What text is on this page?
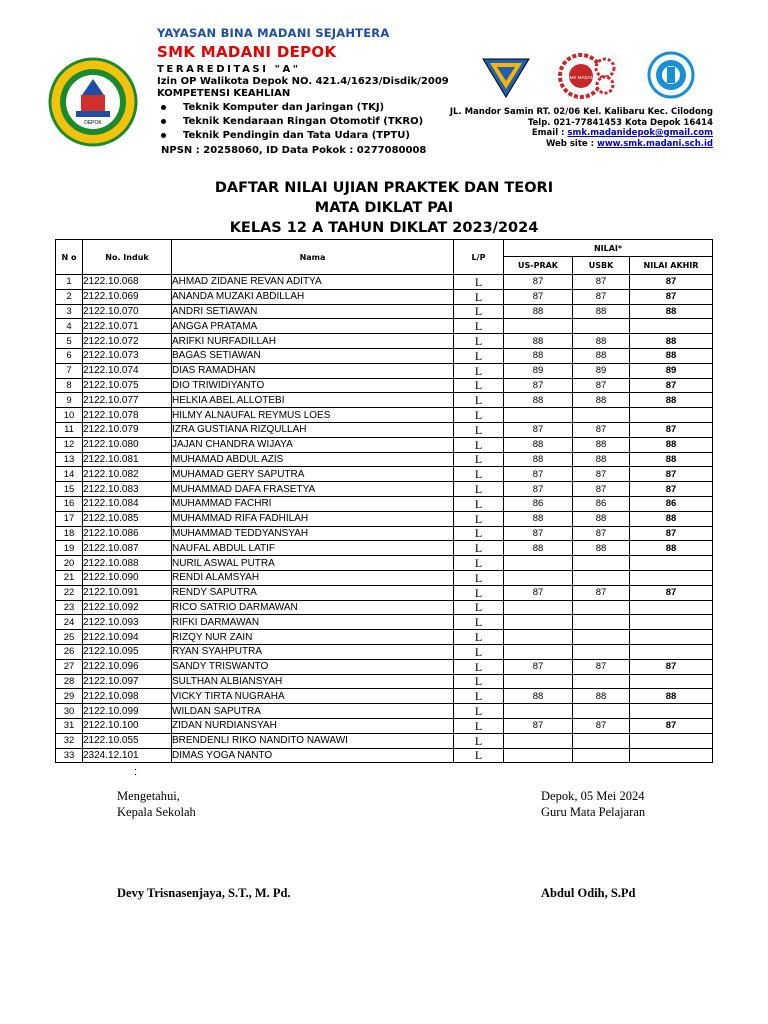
DEPOK
YAYASAN BINA MADANI SEJAHTERA
SMK MADANI DEPOK
TERAREDITASI "A"
Izin OP Walikota Depok NO. 421.4/1623/Disdik/2009
KOMPETENSI KEAHLIAN
Teknik Komputer dan Jaringan (TKJ)
Teknik Kendaraan Ringan Otomotif (TKRO)
Teknik Pendingin dan Tata Udara (TPTU)
NPSN : 20258060, ID Data Pokok : 0277080008
SMK MADANI
JL. Mandor Samin RT. 02/06 Kel. Kalibaru Kec. Cilodong
Telp. 021-77841453 Kota Depok 16414
Email : smk.madanidepok@gmail.com
Web site : www.smk.madani.sch.id
DAFTAR NILAI UJIAN PRAKTEK DAN TEORI
MATA DIKLAT PAI
KELAS 12 A TAHUN DIKLAT 2023/2024
N o	No. Induk	Nama	L/P	NILAI*		
				US-PRAK	USBK	NILAI AKHIR
1	2122.10.068	AHMAD ZIDANE REVAN ADITYA	L	87	87	87
2	2122.10.069	ANANDA MUZAKI ABDILLAH	L	87	87	87
3	2122.10.070	ANDRI SETIAWAN	L	88	88	88
4	2122.10.071	ANGGA PRATAMA	L			
5	2122.10.072	ARIFKI NURFADILLAH	L	88	88	88
6	2122.10.073	BAGAS SETIAWAN	L	88	88	88
7	2122.10.074	DIAS RAMADHAN	L	89	89	89
8	2122.10.075	DIO TRIWIDIYANTO	L	87	87	87
9	2122.10.077	HELKIA ABEL ALLOTEBI	L	88	88	88
10	2122.10.078	HILMY ALNAUFAL REYMUS LOES	L			
11	2122.10.079	IZRA GUSTIANA RIZQULLAH	L	87	87	87
12	2122.10.080	JAJAN CHANDRA WIJAYA	L	88	88	88
13	2122.10.081	MUHAMAD ABDUL AZIS	L	88	88	88
14	2122.10.082	MUHAMAD GERY SAPUTRA	L	87	87	87
15	2122.10.083	MUHAMMAD DAFA FRASETYA	L	87	87	87
16	2122.10.084	MUHAMMAD FACHRI	L	86	86	86
17	2122.10.085	MUHAMMAD RIFA FADHILAH	L	88	88	88
18	2122.10.086	MUHAMMAD TEDDYANSYAH	L	87	87	87
19	2122.10.087	NAUFAL ABDUL LATIF	L	88	88	88
20	2122.10.088	NURIL ASWAL PUTRA	L			
21	2122.10.090	RENDI ALAMSYAH	L			
22	2122.10.091	RENDY SAPUTRA	L	87	87	87
23	2122.10.092	RICO SATRIO DARMAWAN	L			
24	2122.10.093	RIFKI DARMAWAN	L			
25	2122.10.094	RIZQY NUR ZAIN	L			
26	2122.10.095	RYAN SYAHPUTRA	L			
27	2122.10.096	SANDY TRISWANTO	L	87	87	87
28	2122.10.097	SULTHAN ALBIANSYAH	L			
29	2122.10.098	VICKY TIRTA NUGRAHA	L	88	88	88
30	2122.10.099	WILDAN SAPUTRA	L			
31	2122.10.100	ZIDAN NURDIANSYAH	L	87	87	87
32	2122.10.055	BRENDENLI RIKO NANDITO NAWAWI	L			
33	2324.12.101	DIMAS YOGA NANTO	L			
:
Mengetahui,
Kepala Sekolah
Depok, 05 Mei 2024
Guru Mata Pelajaran
Devy Trisnasenjaya, S.T., M. Pd.	Abdul Odih, S.Pd
